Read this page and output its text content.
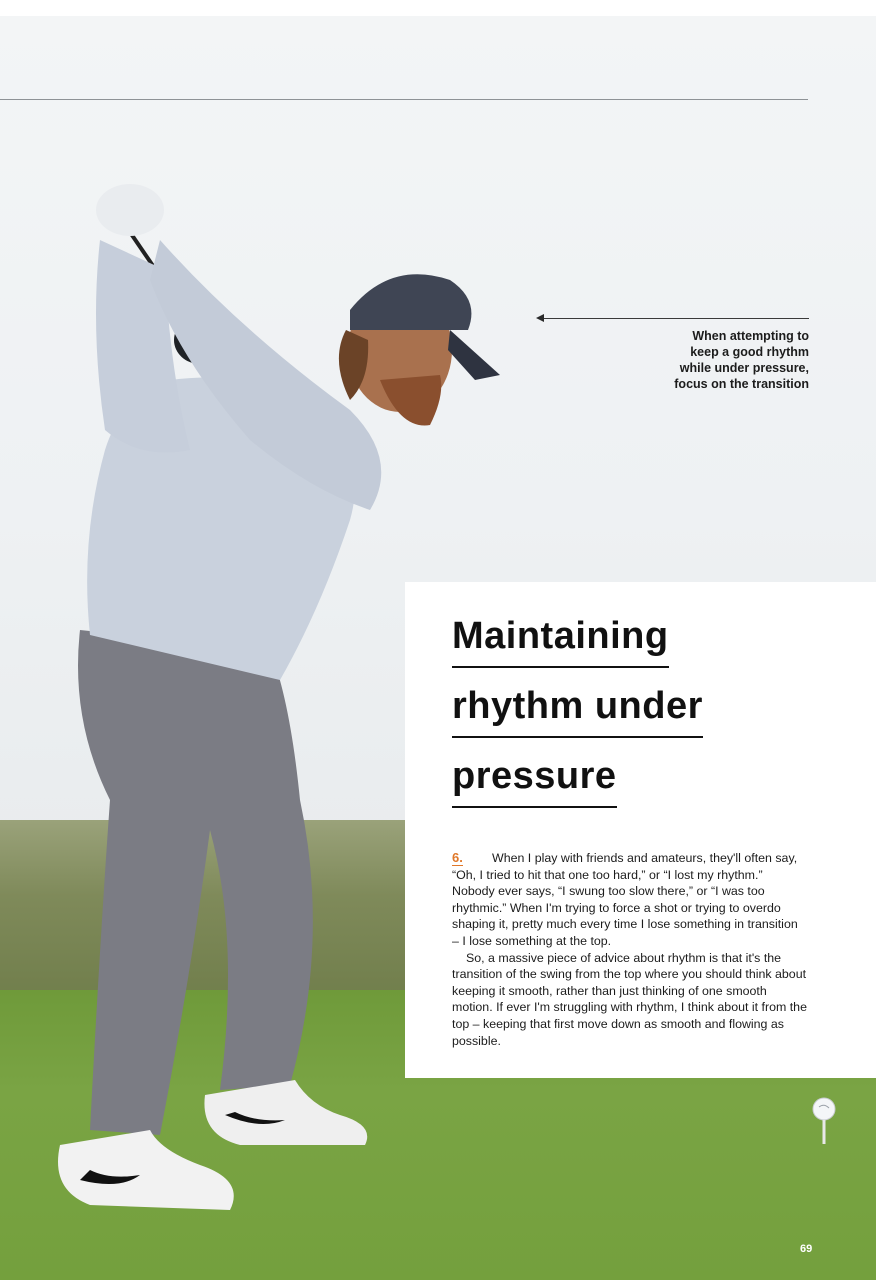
When attempting to
keep a good rhythm
while under pressure,
focus on the transition
Maintaining
rhythm under
pressure
6.	When I play with friends and amateurs, they'll often say, “Oh, I tried to hit that one too hard,” or “I lost my rhythm.” Nobody ever says, “I swung too slow there,” or “I was too rhythmic.” When I'm trying to force a shot or trying to overdo shaping it, pretty much every time I lose something in transition – I lose something at the top.

So, a massive piece of advice about rhythm is that it's the transition of the swing from the top where you should think about keeping it smooth, rather than just thinking of one smooth motion. If ever I'm struggling with rhythm, I think about it from the top – keeping that first move down as smooth and flowing as possible.

69
